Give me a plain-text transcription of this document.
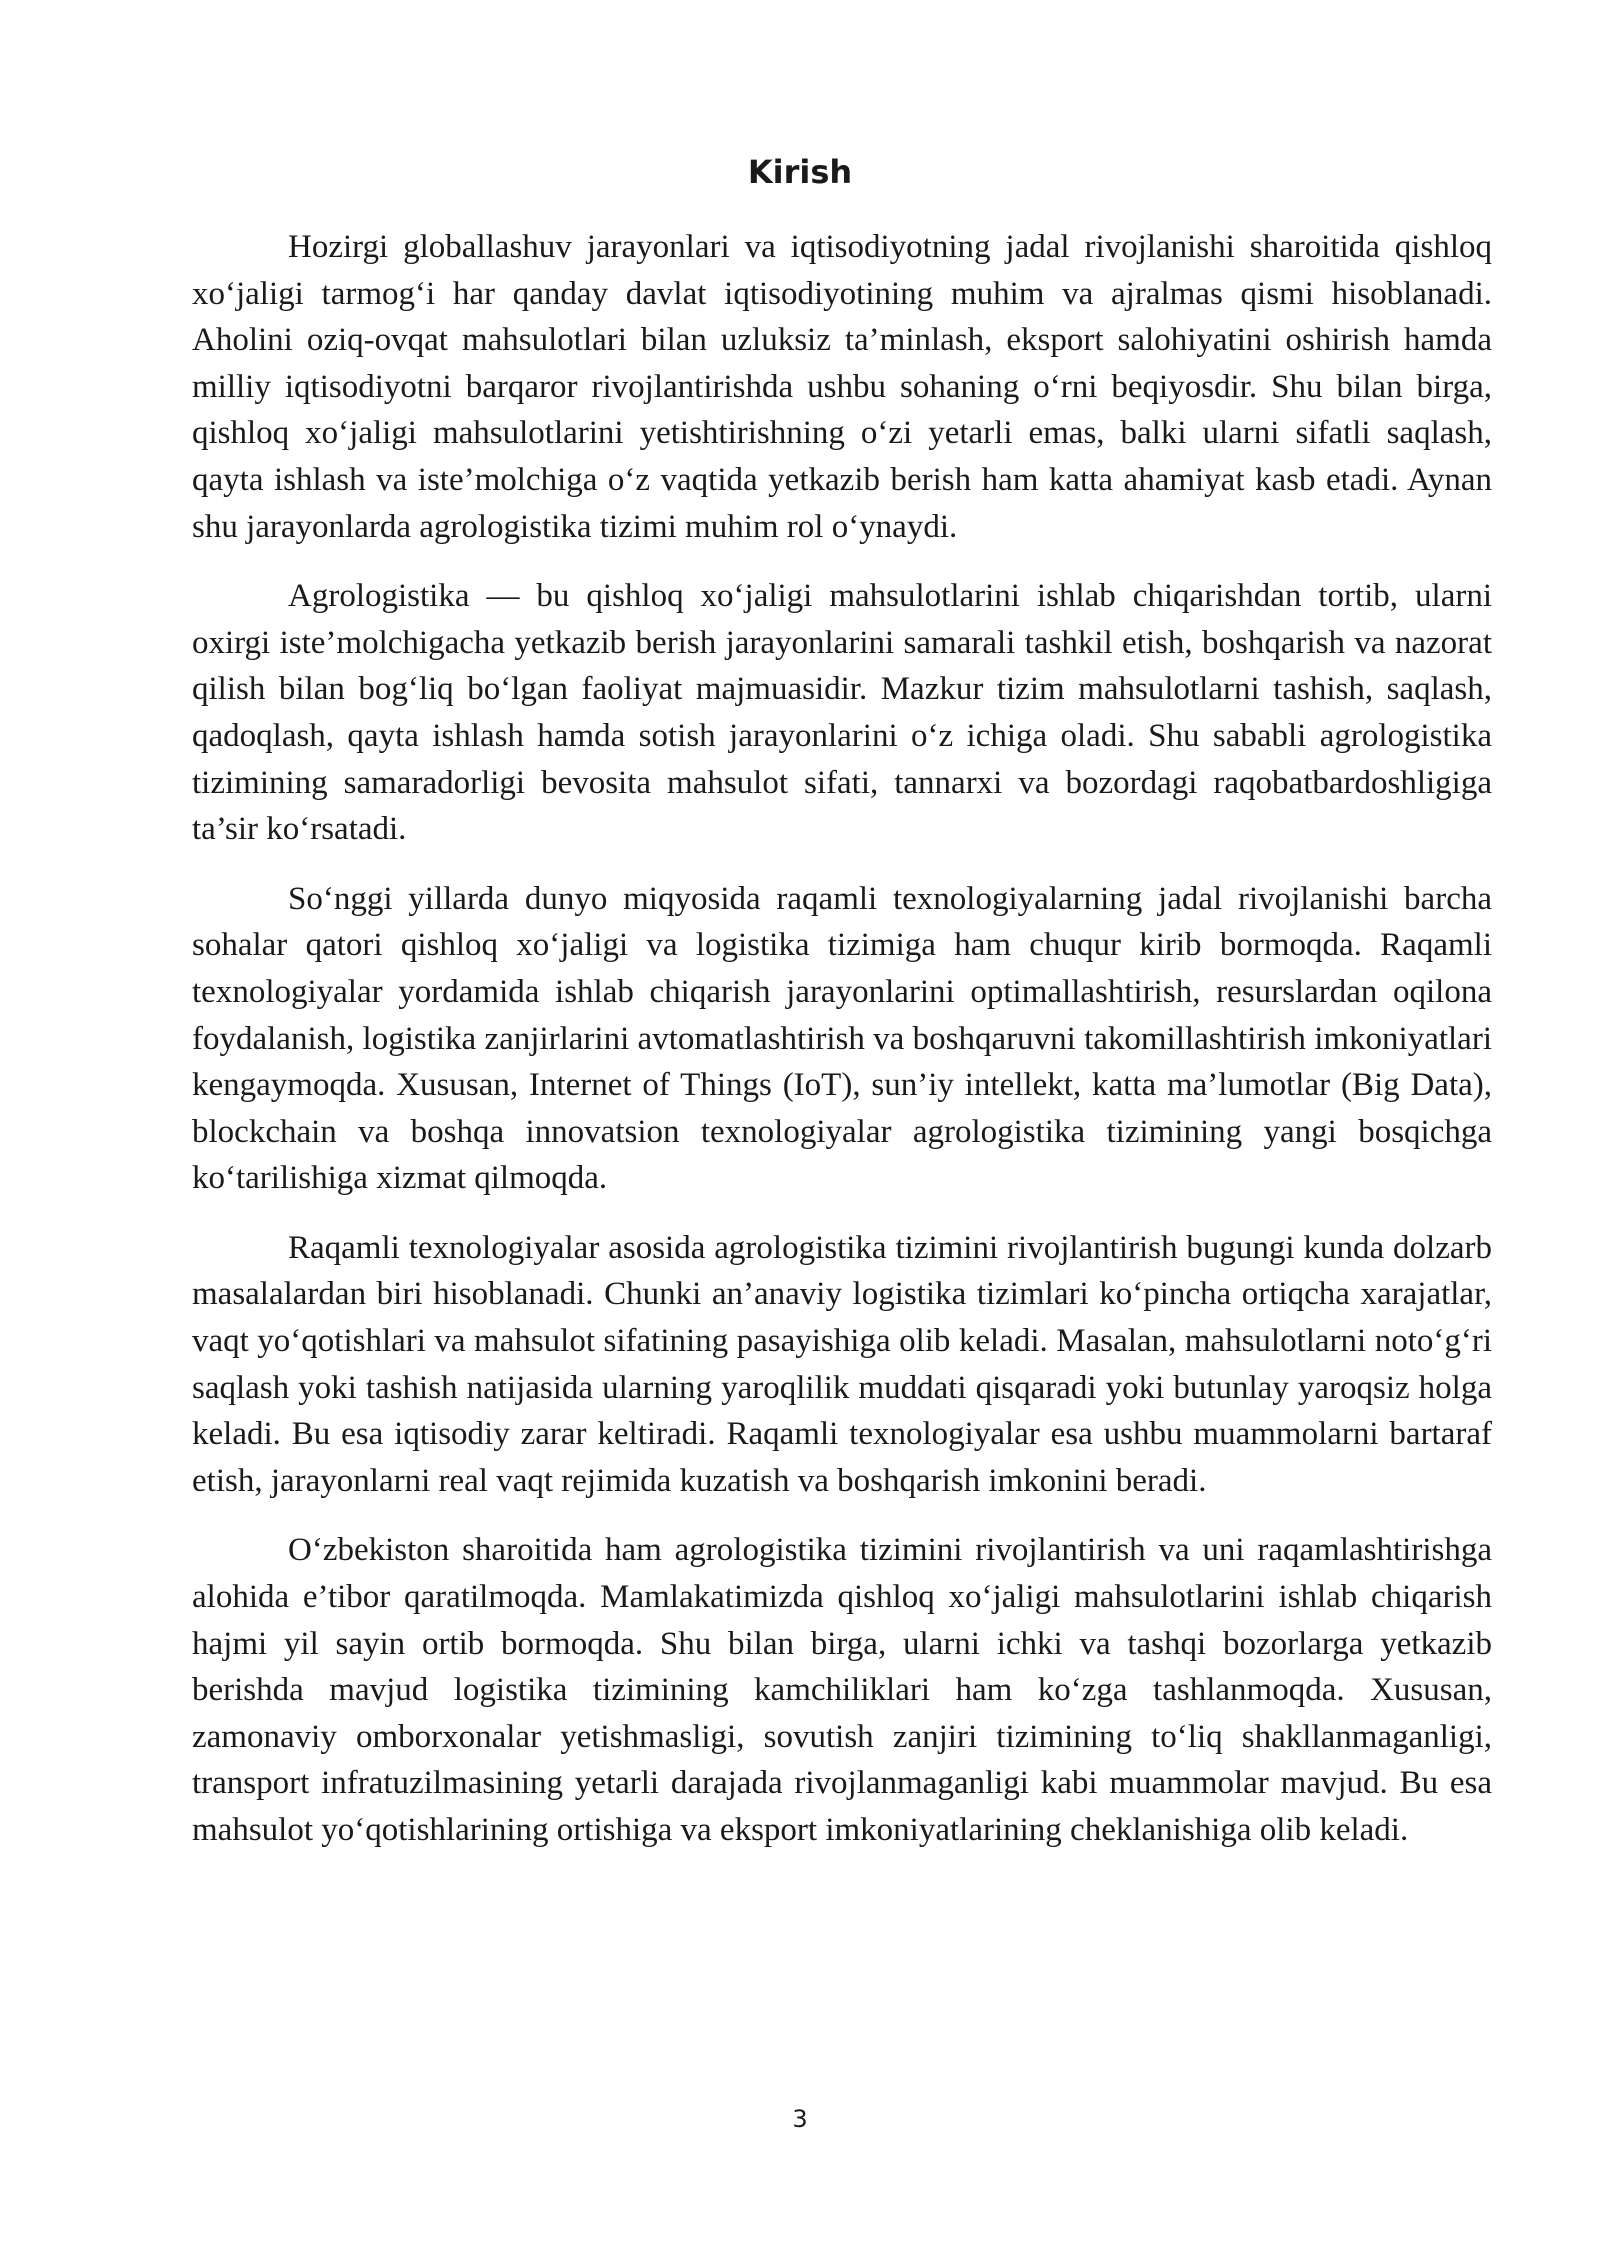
Kirish

Hozirgi globallashuv jarayonlari va iqtisodiyotning jadal rivojlanishi sharoitida qishloq xo‘jaligi tarmog‘i har qanday davlat iqtisodiyotining muhim va ajralmas qismi hisoblanadi. Aholini oziq-ovqat mahsulotlari bilan uzluksiz ta’minlash, eksport salohiyatini oshirish hamda milliy iqtisodiyotni barqaror rivojlantirishda ushbu sohaning o‘rni beqiyosdir. Shu bilan birga, qishloq xo‘jaligi mahsulotlarini yetishtirishning o‘zi yetarli emas, balki ularni sifatli saqlash, qayta ishlash va iste’molchiga o‘z vaqtida yetkazib berish ham katta ahamiyat kasb etadi. Aynan shu jarayonlarda agrologistika tizimi muhim rol o‘ynaydi.

Agrologistika — bu qishloq xo‘jaligi mahsulotlarini ishlab chiqarishdan tortib, ularni oxirgi iste’molchigacha yetkazib berish jarayonlarini samarali tashkil etish, boshqarish va nazorat qilish bilan bog‘liq bo‘lgan faoliyat majmuasidir. Mazkur tizim mahsulotlarni tashish, saqlash, qadoqlash, qayta ishlash hamda sotish jarayonlarini o‘z ichiga oladi. Shu sababli agrologistika tizimining samaradorligi bevosita mahsulot sifati, tannarxi va bozordagi raqobatbardoshligiga ta’sir ko‘rsatadi.

So‘nggi yillarda dunyo miqyosida raqamli texnologiyalarning jadal rivojlanishi barcha sohalar qatori qishloq xo‘jaligi va logistika tizimiga ham chuqur kirib bormoqda. Raqamli texnologiyalar yordamida ishlab chiqarish jarayonlarini optimallashtirish, resurslardan oqilona foydalanish, logistika zanjirlarini avtomatlashtirish va boshqaruvni takomillashtirish imkoniyatlari kengaymoqda. Xususan, Internet of Things (IoT), sun’iy intellekt, katta ma’lumotlar (Big Data), blockchain va boshqa innovatsion texnologiyalar agrologistika tizimining yangi bosqichga ko‘tarilishiga xizmat qilmoqda.

Raqamli texnologiyalar asosida agrologistika tizimini rivojlantirish bugungi kunda dolzarb masalalardan biri hisoblanadi. Chunki an’anaviy logistika tizimlari ko‘pincha ortiqcha xarajatlar, vaqt yo‘qotishlari va mahsulot sifatining pasayishiga olib keladi. Masalan, mahsulotlarni noto‘g‘ri saqlash yoki tashish natijasida ularning yaroqlilik muddati qisqaradi yoki butunlay yaroqsiz holga keladi. Bu esa iqtisodiy zarar keltiradi. Raqamli texnologiyalar esa ushbu muammolarni bartaraf etish, jarayonlarni real vaqt rejimida kuzatish va boshqarish imkonini beradi.

O‘zbekiston sharoitida ham agrologistika tizimini rivojlantirish va uni raqamlashtirishga alohida e’tibor qaratilmoqda. Mamlakatimizda qishloq xo‘jaligi mahsulotlarini ishlab chiqarish hajmi yil sayin ortib bormoqda. Shu bilan birga, ularni ichki va tashqi bozorlarga yetkazib berishda mavjud logistika tizimining kamchiliklari ham ko‘zga tashlanmoqda. Xususan, zamonaviy omborxonalar yetishmasligi, sovutish zanjiri tizimining to‘liq shakllanmaganligi, transport infratuzilmasining yetarli darajada rivojlanmaganligi kabi muammolar mavjud. Bu esa mahsulot yo‘qotishlarining ortishiga va eksport imkoniyatlarining cheklanishiga olib keladi.

3
